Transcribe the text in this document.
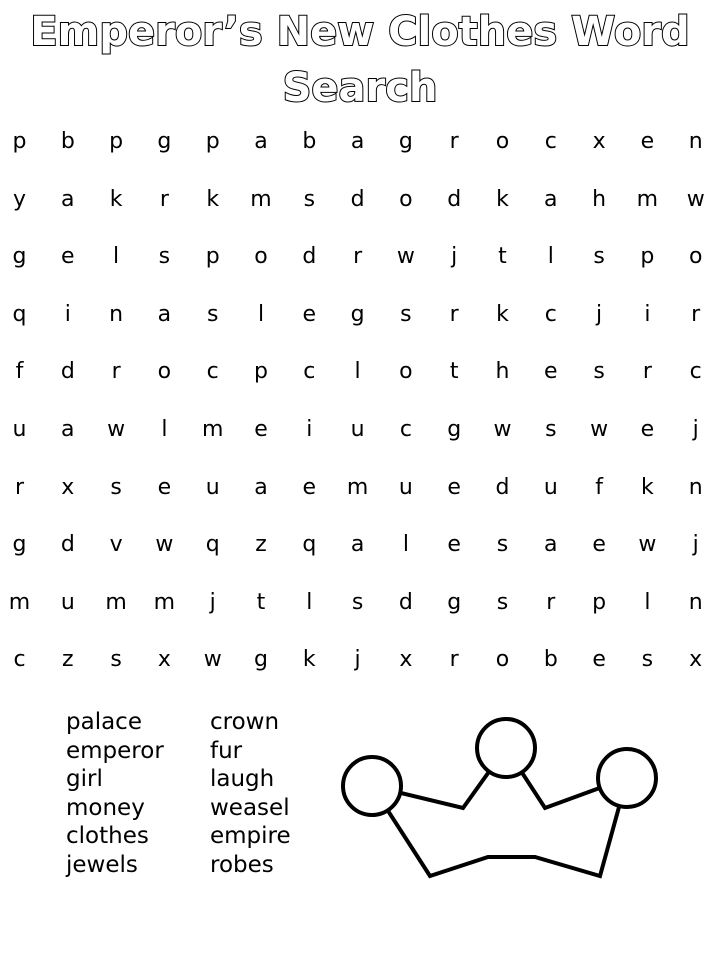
Emperor’s New Clothes Word Search
p	b	p	g	p	a	b	a	g	r	o	c	x	e	n
y	a	k	r	k	m	s	d	o	d	k	a	h	m	w
g	e	l	s	p	o	d	r	w	j	t	l	s	p	o
q	i	n	a	s	l	e	g	s	r	k	c	j	i	r
f	d	r	o	c	p	c	l	o	t	h	e	s	r	c
u	a	w	l	m	e	i	u	c	g	w	s	w	e	j
r	x	s	e	u	a	e	m	u	e	d	u	f	k	n
g	d	v	w	q	z	q	a	l	e	s	a	e	w	j
m	u	m	m	j	t	l	s	d	g	s	r	p	l	n
c	z	s	x	w	g	k	j	x	r	o	b	e	s	x
palace
emperor
girl
money
clothes
jewels
crown
fur
laugh
weasel
empire
robes
